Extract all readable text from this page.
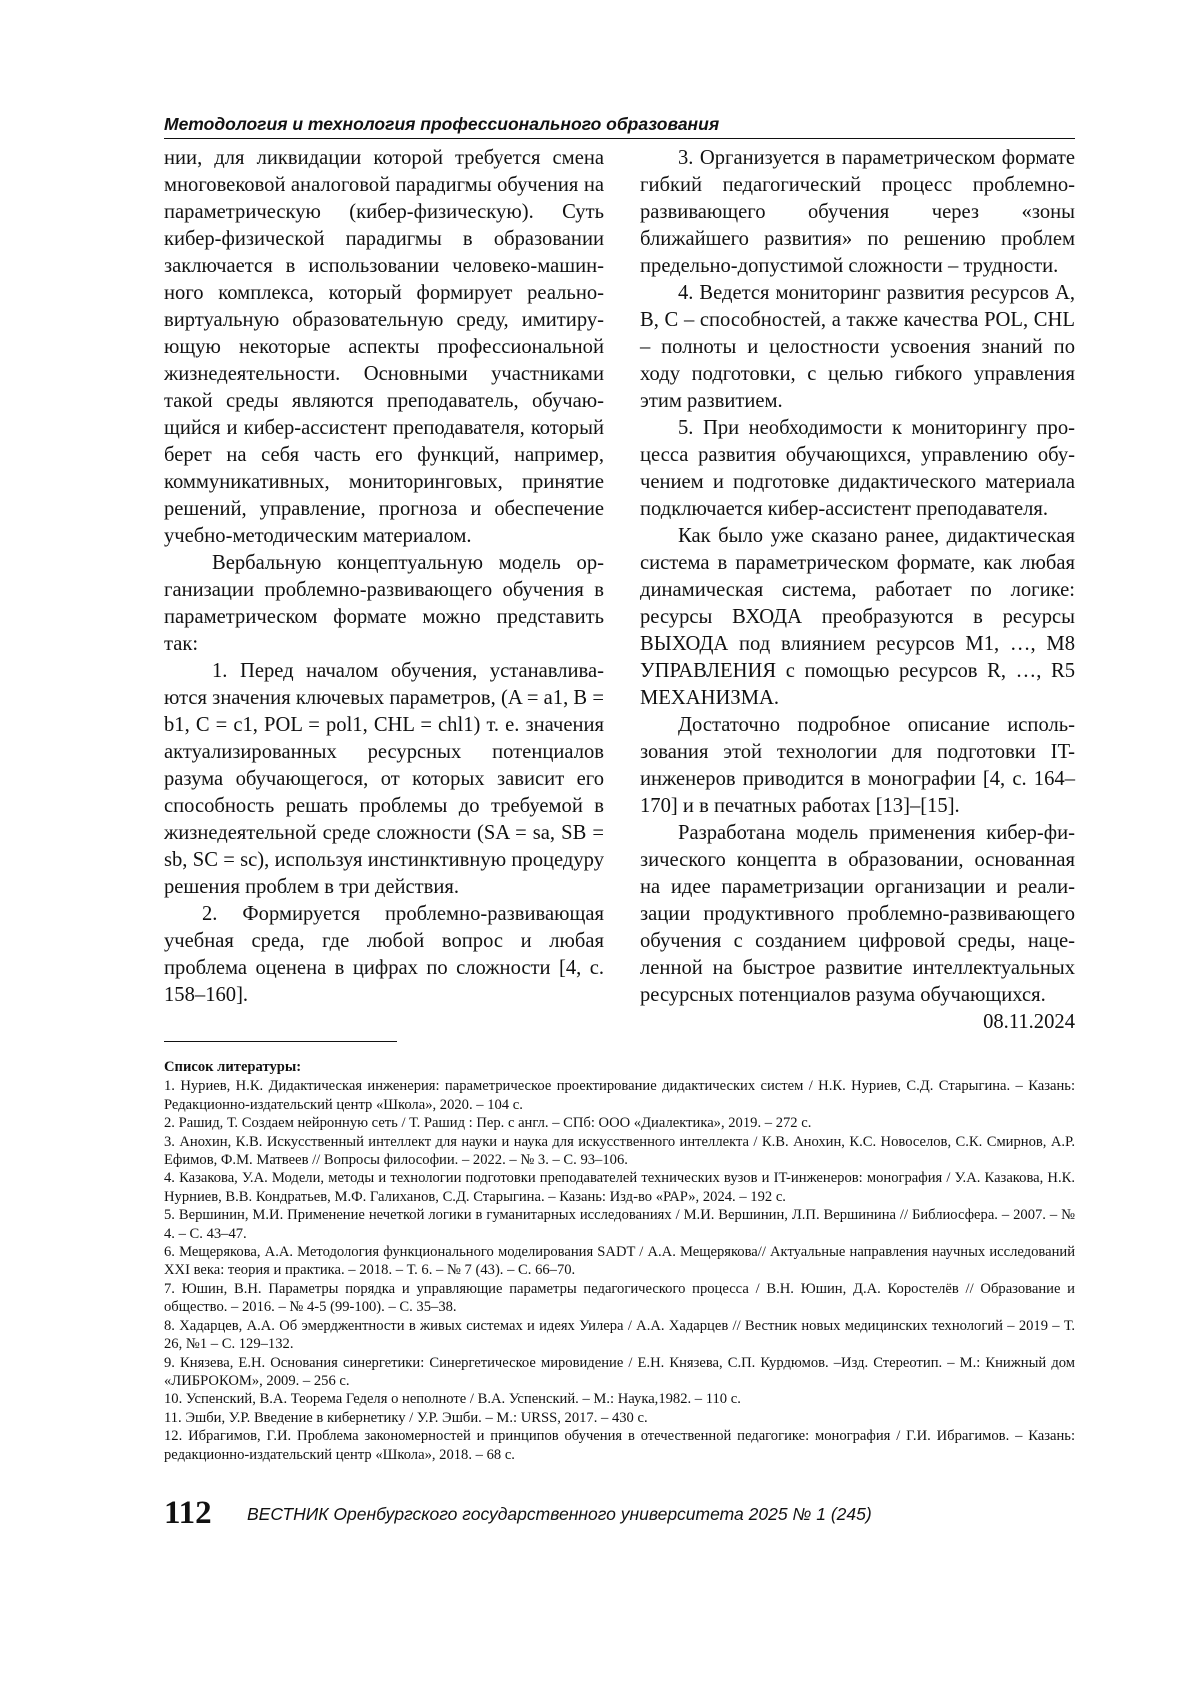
Методология и технология профессионального образования

нии, для ликвидации которой требуется смена многовековой аналоговой парадигмы обучения на параметрическую (кибер-физическую). Суть кибер-физической парадигмы в образовании заключается в использовании человеко-машинного комплекса, который формирует реально-виртуальную образовательную среду, имитирующую некоторые аспекты профессиональной жизнедеятельности. Основными участниками такой среды являются преподаватель, обучающийся и кибер-ассистент преподавателя, который берет на себя часть его функций, например, коммуникативных, мониторинговых, принятие решений, управление, прогноза и обеспечение учебно-методическим материалом.

Вербальную концептуальную модель организации проблемно-развивающего обучения в параметрическом формате можно представить так:

1. Перед началом обучения, устанавливаются значения ключевых параметров, (A = a1, B = b1, C = c1, POL = pol1, CHL = chl1) т. е. значения актуализированных ресурсных потенциалов разума обучающегося, от которых зависит его способность решать проблемы до требуемой в жизнедеятельной среде сложности (SA = sa, SB = sb, SC = sc), используя инстинктивную процедуру решения проблем в три действия.

2. Формируется проблемно-развивающая учебная среда, где любой вопрос и любая проблема оценена в цифрах по сложности [4, с. 158–160].

3. Организуется в параметрическом формате гибкий педагогический процесс проблемно-развивающего обучения через «зоны ближайшего развития» по решению проблем предельно-допустимой сложности – трудности.

4. Ведется мониторинг развития ресурсов A, B, C – способностей, а также качества POL, CHL – полноты и целостности усвоения знаний по ходу подготовки, с целью гибкого управления этим развитием.

5. При необходимости к мониторингу процесса развития обучающихся, управлению обучением и подготовке дидактического материала подключается кибер-ассистент преподавателя.

Как было уже сказано ранее, дидактическая система в параметрическом формате, как любая динамическая система, работает по логике: ресурсы ВХОДА преобразуются в ресурсы ВЫХОДА под влиянием ресурсов M1, …, M8 УПРАВЛЕНИЯ с помощью ресурсов R, …, R5 МЕХАНИЗМА.

Достаточно подробное описание использования этой технологии для подготовки IT-инженеров приводится в монографии [4, с. 164–170] и в печатных работах [13]–[15].

Разработана модель применения кибер-физического концепта в образовании, основанная на идее параметризации организации и реализации продуктивного проблемно-развивающего обучения с созданием цифровой среды, нацеленной на быстрое развитие интеллектуальных ресурсных потенциалов разума обучающихся.

08.11.2024

Список литературы:
1. Нуриев, Н.К. Дидактическая инженерия: параметрическое проектирование дидактических систем / Н.К. Нуриев, С.Д. Старыгина. – Казань: Редакционно-издательский центр «Школа», 2020. – 104 с.
2. Рашид, Т. Создаем нейронную сеть / Т. Рашид : Пер. с англ. – СПб: ООО «Диалектика», 2019. – 272 с.
3. Анохин, К.В. Искусственный интеллект для науки и наука для искусственного интеллекта / К.В. Анохин, К.С. Новоселов, С.К. Смирнов, А.Р. Ефимов, Ф.М. Матвеев // Вопросы философии. – 2022. – № 3. – С. 93–106.
4. Казакова, У.А. Модели, методы и технологии подготовки преподавателей технических вузов и IT-инженеров: монография / У.А. Казакова, Н.К. Нурниев, В.В. Кондратьев, М.Ф. Галиханов, С.Д. Старыгина. – Казань: Изд-во «РАР», 2024. – 192 с.
5. Вершинин, М.И. Применение нечеткой логики в гуманитарных исследованиях / М.И. Вершинин, Л.П. Вершинина // Библиосфера. – 2007. – № 4. – С. 43–47.
6. Мещерякова, А.А. Методология функционального моделирования SADT / А.А. Мещерякова// Актуальные направления научных исследований XXI века: теория и практика. – 2018. – Т. 6. – № 7 (43). – С. 66–70.
7. Юшин, В.Н. Параметры порядка и управляющие параметры педагогического процесса / В.Н. Юшин, Д.А. Коростелёв // Образование и общество. – 2016. – № 4-5 (99-100). – С. 35–38.
8. Хадарцев, А.А. Об эмерджентности в живых системах и идеях Уилера / А.А. Хадарцев // Вестник новых медицинских технологий – 2019 – Т. 26, №1 – С. 129–132.
9. Князева, Е.Н. Основания синергетики: Синергетическое мировидение / Е.Н. Князева, С.П. Курдюмов. –Изд. Стереотип. – М.: Книжный дом «ЛИБРОКОМ», 2009. – 256 с.
10. Успенский, В.А. Теорема Геделя о неполноте / В.А. Успенский. – М.: Наука,1982. – 110 с.
11. Эшби, У.Р. Введение в кибернетику / У.Р. Эшби. – М.: URSS, 2017. – 430 с.
12. Ибрагимов, Г.И. Проблема закономерностей и принципов обучения в отечественной педагогике: монография / Г.И. Ибрагимов. – Казань: редакционно-издательский центр «Школа», 2018. – 68 с.
112 ВЕСТНИК Оренбургского государственного университета 2025 № 1 (245)
